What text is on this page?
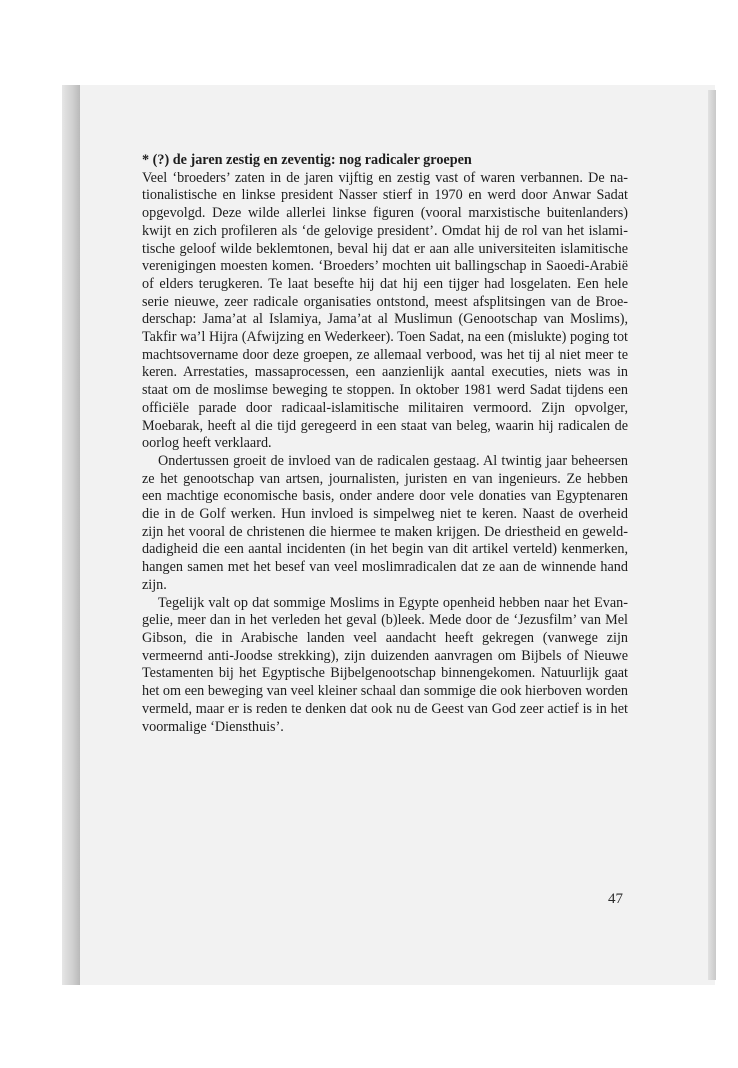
* (?) de jaren zestig en zeventig: nog radicaler groepen

Veel ‘broeders’ zaten in de jaren vijftig en zestig vast of waren verbannen. De nationalistische en linkse president Nasser stierf in 1970 en werd door Anwar Sadat opgevolgd. Deze wilde allerlei linkse figuren (vooral marxistische buitenlanders) kwijt en zich profileren als ‘de gelovige president’. Omdat hij de rol van het islamitische geloof wilde beklemtonen, beval hij dat er aan alle universiteiten islamitische verenigingen moesten komen. ‘Broeders’ mochten uit ballingschap in Saoedi-Arabië of elders terugkeren. Te laat besefte hij dat hij een tijger had losgelaten. Een hele serie nieuwe, zeer radicale organisaties ontstond, meest afsplitsingen van de Broederschap: Jama’at al Islamiya, Jama’at al Muslimun (Genootschap van Moslims), Takfir wa’l Hijra (Afwijzing en Wederkeer). Toen Sadat, na een (mislukte) poging tot machtsovername door deze groepen, ze allemaal verbood, was het tij al niet meer te keren. Arrestaties, massaprocessen, een aanzienlijk aantal executies, niets was in staat om de moslimse beweging te stoppen. In oktober 1981 werd Sadat tijdens een officiële parade door radicaal-islamitische militairen vermoord. Zijn opvolger, Moebarak, heeft al die tijd geregeerd in een staat van beleg, waarin hij radicalen de oorlog heeft verklaard.

Ondertussen groeit de invloed van de radicalen gestaag. Al twintig jaar beheersen ze het genootschap van artsen, journalisten, juristen en van ingenieurs. Ze hebben een machtige economische basis, onder andere door vele donaties van Egyptenaren die in de Golf werken. Hun invloed is simpelweg niet te keren. Naast de overheid zijn het vooral de christenen die hiermee te maken krijgen. De driestheid en gewelddadigheid die een aantal incidenten (in het begin van dit artikel verteld) kenmerken, hangen samen met het besef van veel moslimradicalen dat ze aan de winnende hand zijn.

Tegelijk valt op dat sommige Moslims in Egypte openheid hebben naar het Evangelie, meer dan in het verleden het geval (b)leek. Mede door de ‘Jezusfilm’ van Mel Gibson, die in Arabische landen veel aandacht heeft gekregen (vanwege zijn vermeernd anti-Joodse strekking), zijn duizenden aanvragen om Bijbels of Nieuwe Testamenten bij het Egyptische Bijbelgenootschap binnengekomen. Natuurlijk gaat het om een beweging van veel kleiner schaal dan sommige die ook hierboven worden vermeld, maar er is reden te denken dat ook nu de Geest van God zeer actief is in het voormalige ‘Diensthuis’.

47
